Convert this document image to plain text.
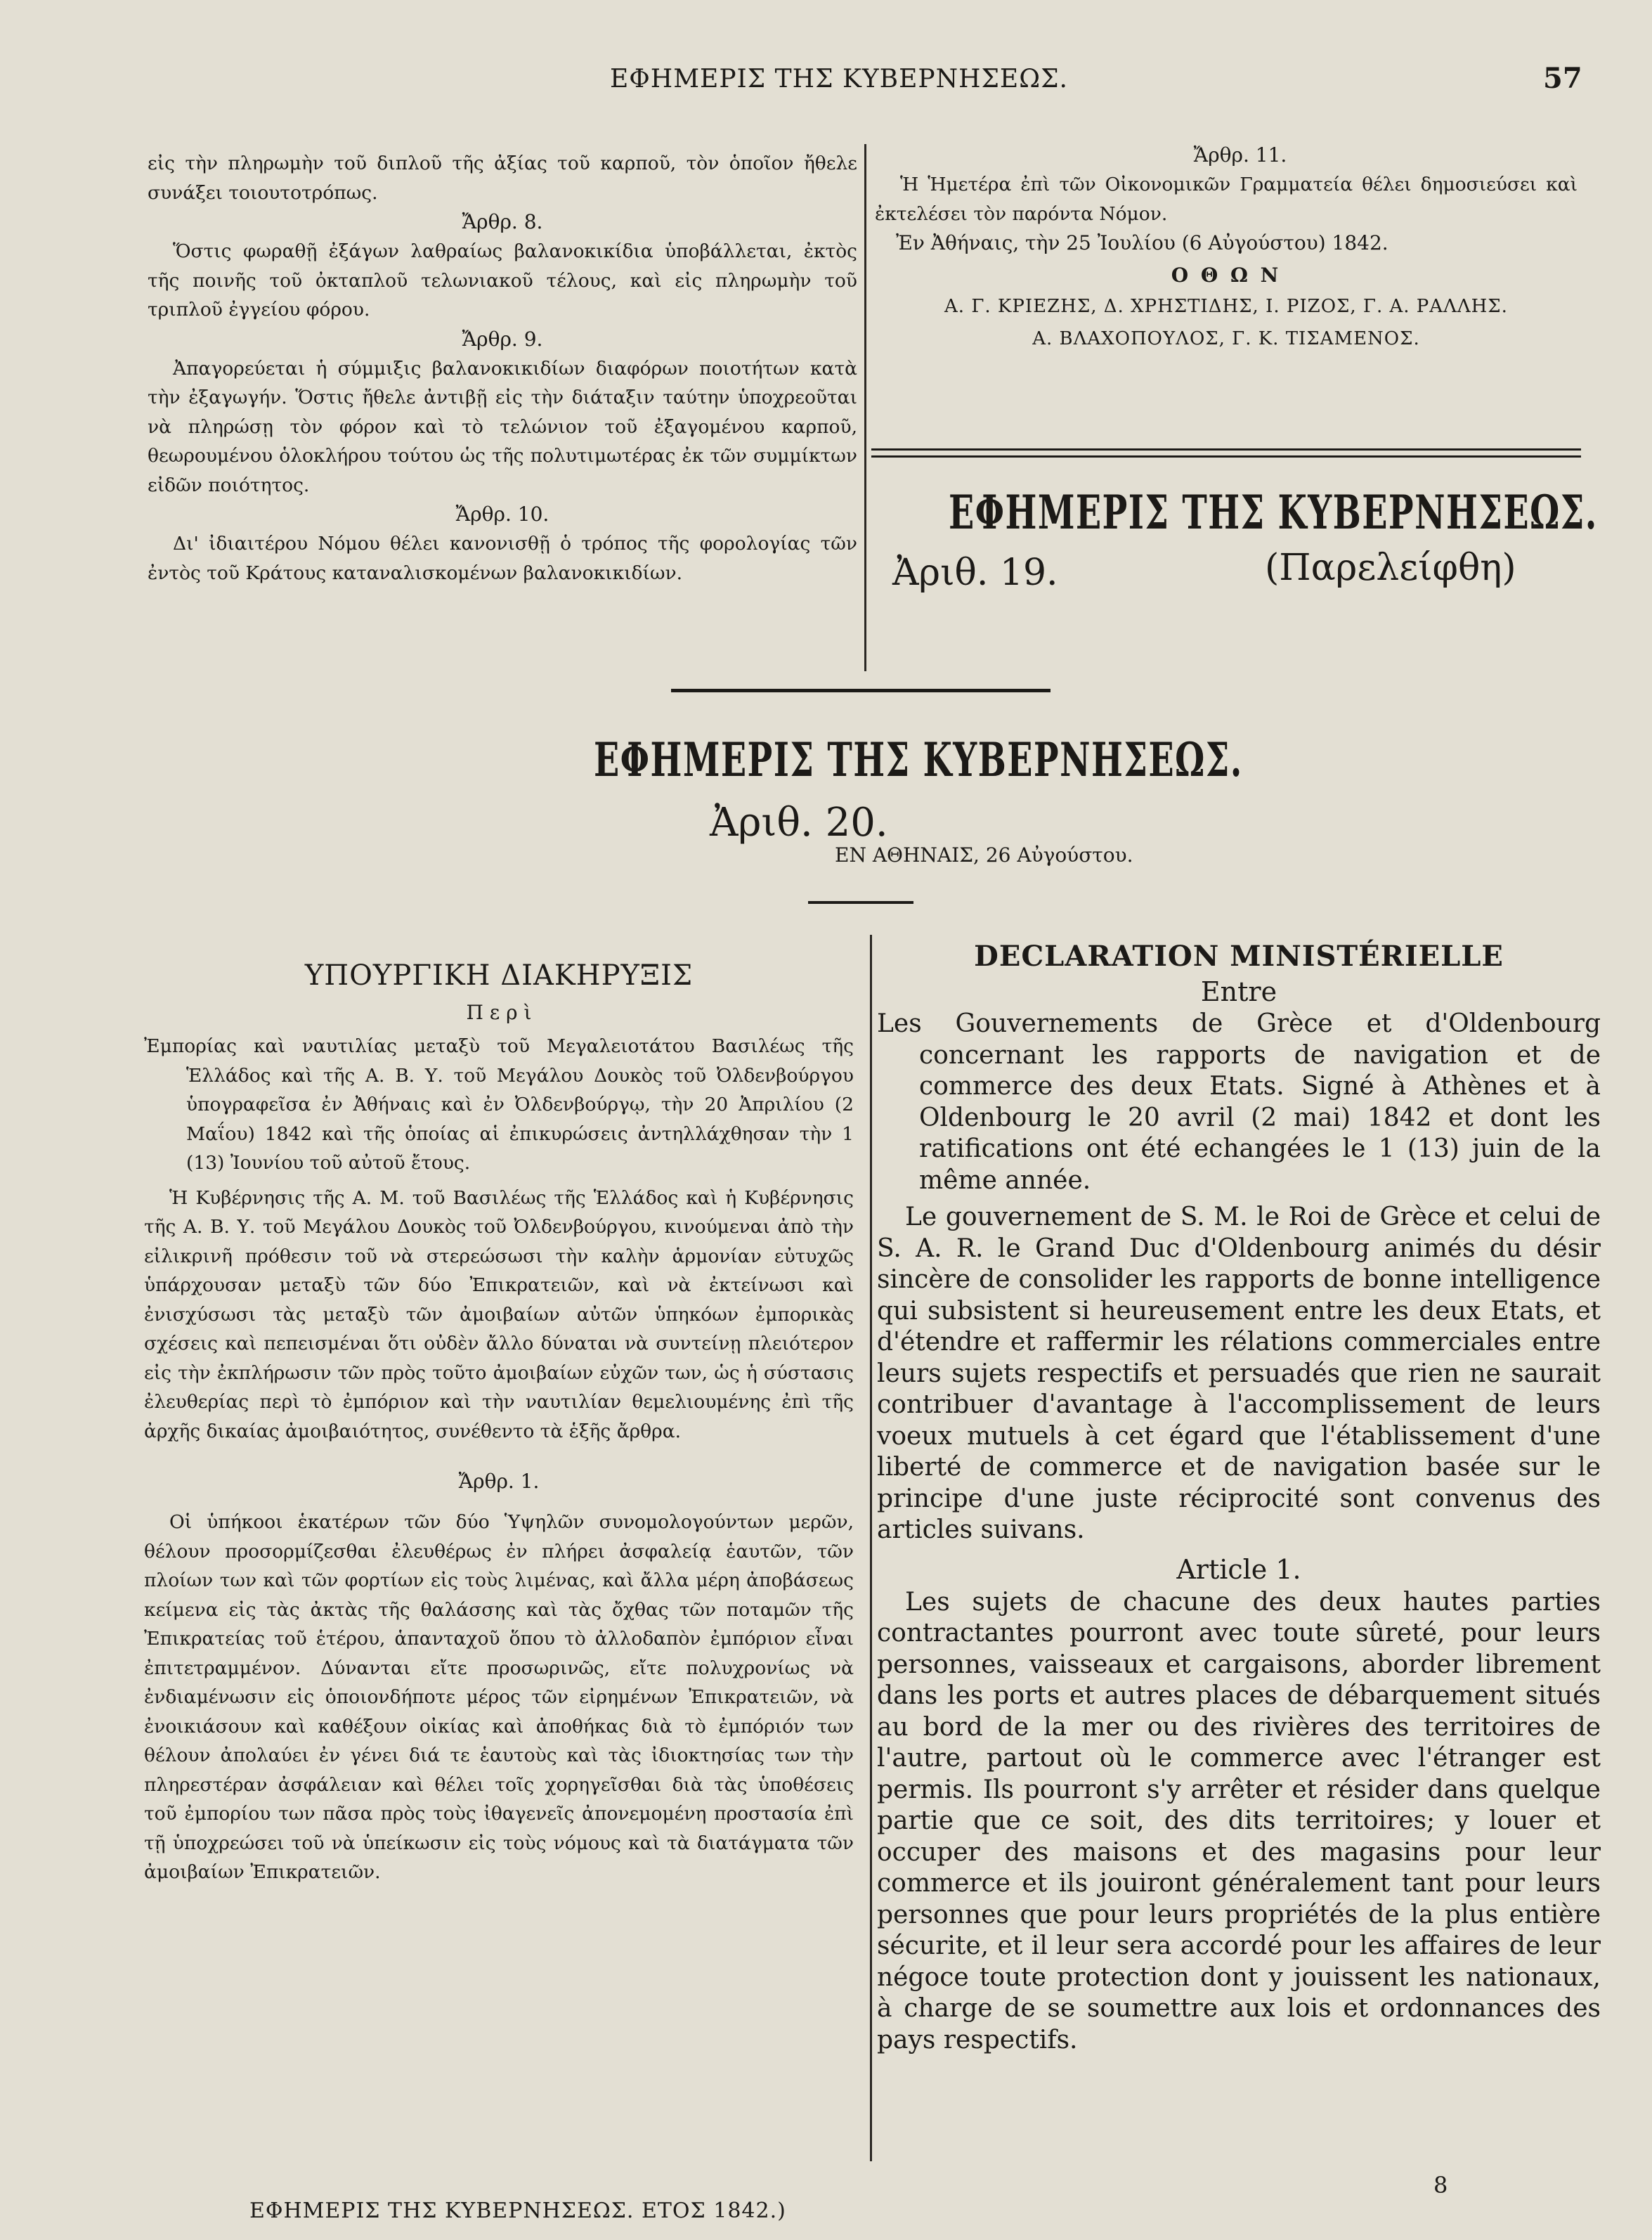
ΕΦΗΜΕΡΙΣ ΤΗΣ ΚΥΒΕΡΝΗΣΕΩΣ.	57

εἰς τὴν πληρωμὴν τοῦ διπλοῦ τῆς ἀξίας τοῦ καρποῦ, τὸν ὁποῖον ἤθελε συνάξει τοιουτοτρόπως.

Ἄρθρ. 8.

Ὅστις φωραθῇ ἐξάγων λαθραίως βαλανοκικίδια ὑποβάλλεται, ἐκτὸς τῆς ποινῆς τοῦ ὀκταπλοῦ τελωνιακοῦ τέλους, καὶ εἰς πληρωμὴν τοῦ τριπλοῦ ἐγγείου φόρου.

Ἄρθρ. 9.

Ἀπαγορεύεται ἡ σύμμιξις βαλανοκικιδίων διαφόρων ποιοτήτων κατὰ τὴν ἐξαγωγήν. Ὅστις ἤθελε ἀντιβῇ εἰς τὴν διάταξιν ταύτην ὑποχρεοῦται νὰ πληρώσῃ τὸν φόρον καὶ τὸ τελώνιον τοῦ ἐξαγομένου καρποῦ, θεωρουμένου ὁλοκλήρου τούτου ὡς τῆς πολυτιμωτέρας ἐκ τῶν συμμίκτων εἰδῶν ποιότητος.

Ἄρθρ. 10.

Δι' ἰδιαιτέρου Νόμου θέλει κανονισθῇ ὁ τρόπος τῆς φορολογίας τῶν ἐντὸς τοῦ Κράτους καταναλισκομένων βαλανοκικιδίων.

Ἄρθρ. 11.

Ἡ Ἡμετέρα ἐπὶ τῶν Οἰκονομικῶν Γραμματεία θέλει δημοσιεύσει καὶ ἐκτελέσει τὸν παρόντα Νόμον.

Ἐν Ἀθήναις, τὴν 25 Ἰουλίου (6 Αὐγούστου) 1842.

Ο Θ Ω Ν

Α. Γ. ΚΡΙΕΖΗΣ, Δ. ΧΡΗΣΤΙΔΗΣ, Ι. ΡΙΖΟΣ, Γ. Α. ΡΑΛΛΗΣ.

Α. ΒΛΑΧΟΠΟΥΛΟΣ, Γ. Κ. ΤΙΣΑΜΕΝΟΣ.

ΕΦΗΜΕΡΙΣ ΤΗΣ ΚΥΒΕΡΝΗΣΕΩΣ.
Ἀριθ. 19.	(Παρελείφθη)
ΕΦΗΜΕΡΙΣ ΤΗΣ ΚΥΒΕΡΝΗΣΕΩΣ.
Ἀριθ. 20.
ΕΝ ΑΘΗΝΑΙΣ, 26 Αὐγούστου.

ΥΠΟΥΡΓΙΚΗ ΔΙΑΚΗΡΥΞΙΣ

Π ε ρ ὶ

Ἐμπορίας καὶ ναυτιλίας μεταξὺ τοῦ Μεγαλειοτάτου Βασιλέως τῆς Ἑλλάδος καὶ τῆς Α. Β. Υ. τοῦ Μεγάλου Δουκὸς τοῦ Ὀλδενβούργου ὑπογραφεῖσα ἐν Ἀθήναις καὶ ἐν Ὀλδενβούργῳ, τὴν 20 Ἀπριλίου (2 Μαΐου) 1842 καὶ τῆς ὁποίας αἱ ἐπικυρώσεις ἀντηλλάχθησαν τὴν 1 (13) Ἰουνίου τοῦ αὐτοῦ ἔτους.

Ἡ Κυβέρνησις τῆς Α. Μ. τοῦ Βασιλέως τῆς Ἑλλάδος καὶ ἡ Κυβέρνησις τῆς Α. Β. Υ. τοῦ Μεγάλου Δουκὸς τοῦ Ὀλδενβούργου, κινούμεναι ἀπὸ τὴν εἰλικρινῆ πρόθεσιν τοῦ νὰ στερεώσωσι τὴν καλὴν ἁρμονίαν εὐτυχῶς ὑπάρχουσαν μεταξὺ τῶν δύο Ἐπικρατειῶν, καὶ νὰ ἐκτείνωσι καὶ ἐνισχύσωσι τὰς μεταξὺ τῶν ἀμοιβαίων αὐτῶν ὑπηκόων ἐμπορικὰς σχέσεις καὶ πεπεισμέναι ὅτι οὐδὲν ἄλλο δύναται νὰ συντείνῃ πλειότερον εἰς τὴν ἐκπλήρωσιν τῶν πρὸς τοῦτο ἀμοιβαίων εὐχῶν των, ὡς ἡ σύστασις ἐλευθερίας περὶ τὸ ἐμπόριον καὶ τὴν ναυτιλίαν θεμελιουμένης ἐπὶ τῆς ἀρχῆς δικαίας ἀμοιβαιότητος, συνέθεντο τὰ ἑξῆς ἄρθρα.

Ἄρθρ. 1.

Οἱ ὑπήκοοι ἑκατέρων τῶν δύο Ὑψηλῶν συνομολογούντων μερῶν, θέλουν προσορμίζεσθαι ἐλευθέρως ἐν πλήρει ἀσφαλείᾳ ἑαυτῶν, τῶν πλοίων των καὶ τῶν φορτίων εἰς τοὺς λιμένας, καὶ ἄλλα μέρη ἀποβάσεως κείμενα εἰς τὰς ἀκτὰς τῆς θαλάσσης καὶ τὰς ὄχθας τῶν ποταμῶν τῆς Ἐπικρατείας τοῦ ἑτέρου, ἁπανταχοῦ ὅπου τὸ ἀλλοδαπὸν ἐμπόριον εἶναι ἐπιτετραμμένον. Δύνανται εἴτε προσωρινῶς, εἴτε πολυχρονίως νὰ ἐνδιαμένωσιν εἰς ὁποιονδήποτε μέρος τῶν εἰρημένων Ἐπικρατειῶν, νὰ ἐνοικιάσουν καὶ καθέξουν οἰκίας καὶ ἀποθήκας διὰ τὸ ἐμπόριόν των θέλουν ἀπολαύει ἐν γένει διά τε ἑαυτοὺς καὶ τὰς ἰδιοκτησίας των τὴν πληρεστέραν ἀσφάλειαν καὶ θέλει τοῖς χορηγεῖσθαι διὰ τὰς ὑποθέσεις τοῦ ἐμπορίου των πᾶσα πρὸς τοὺς ἰθαγενεῖς ἀπονεμομένη προστασία ἐπὶ τῇ ὑποχρεώσει τοῦ νὰ ὑπείκωσιν εἰς τοὺς νόμους καὶ τὰ διατάγματα τῶν ἀμοιβαίων Ἐπικρατειῶν.

DECLARATION MINISTÉRIELLE

Entre

Les Gouvernements de Grèce et d'Oldenbourg concernant les rapports de navigation et de commerce des deux Etats. Signé à Athènes et à Oldenbourg le 20 avril (2 mai) 1842 et dont les ratifications ont été echangées le 1 (13) juin de la même année.

Le gouvernement de S. M. le Roi de Grèce et celui de S. A. R. le Grand Duc d'Oldenbourg animés du désir sincère de consolider les rapports de bonne intelligence qui subsistent si heureusement entre les deux Etats, et d'étendre et raffermir les rélations commerciales entre leurs sujets respectifs et persuadés que rien ne saurait contribuer d'avantage à l'accomplissement de leurs voeux mutuels à cet égard que l'établissement d'une liberté de commerce et de navigation basée sur le principe d'une juste réciprocité sont convenus des articles suivans.

Article 1.

Les sujets de chacune des deux hautes parties contractantes pourront avec toute sûreté, pour leurs personnes, vaisseaux et cargaisons, aborder librement dans les ports et autres places de débarquement situés au bord de la mer ou des rivières des territoires de l'autre, partout où le commerce avec l'étranger est permis. Ils pourront s'y arrêter et résider dans quelque partie que ce soit, des dits territoires; y louer et occuper des maisons et des magasins pour leur commerce et ils jouiront généralement tant pour leurs personnes que pour leurs propriétés de la plus entière sécurite, et il leur sera accordé pour les affaires de leur négoce toute protection dont y jouissent les nationaux, à charge de se soumettre aux lois et ordonnances des pays respectifs.

ΕΦΗΜΕΡΙΣ ΤΗΣ ΚΥΒΕΡΝΗΣΕΩΣ. ΕΤΟΣ 1842.)
8
